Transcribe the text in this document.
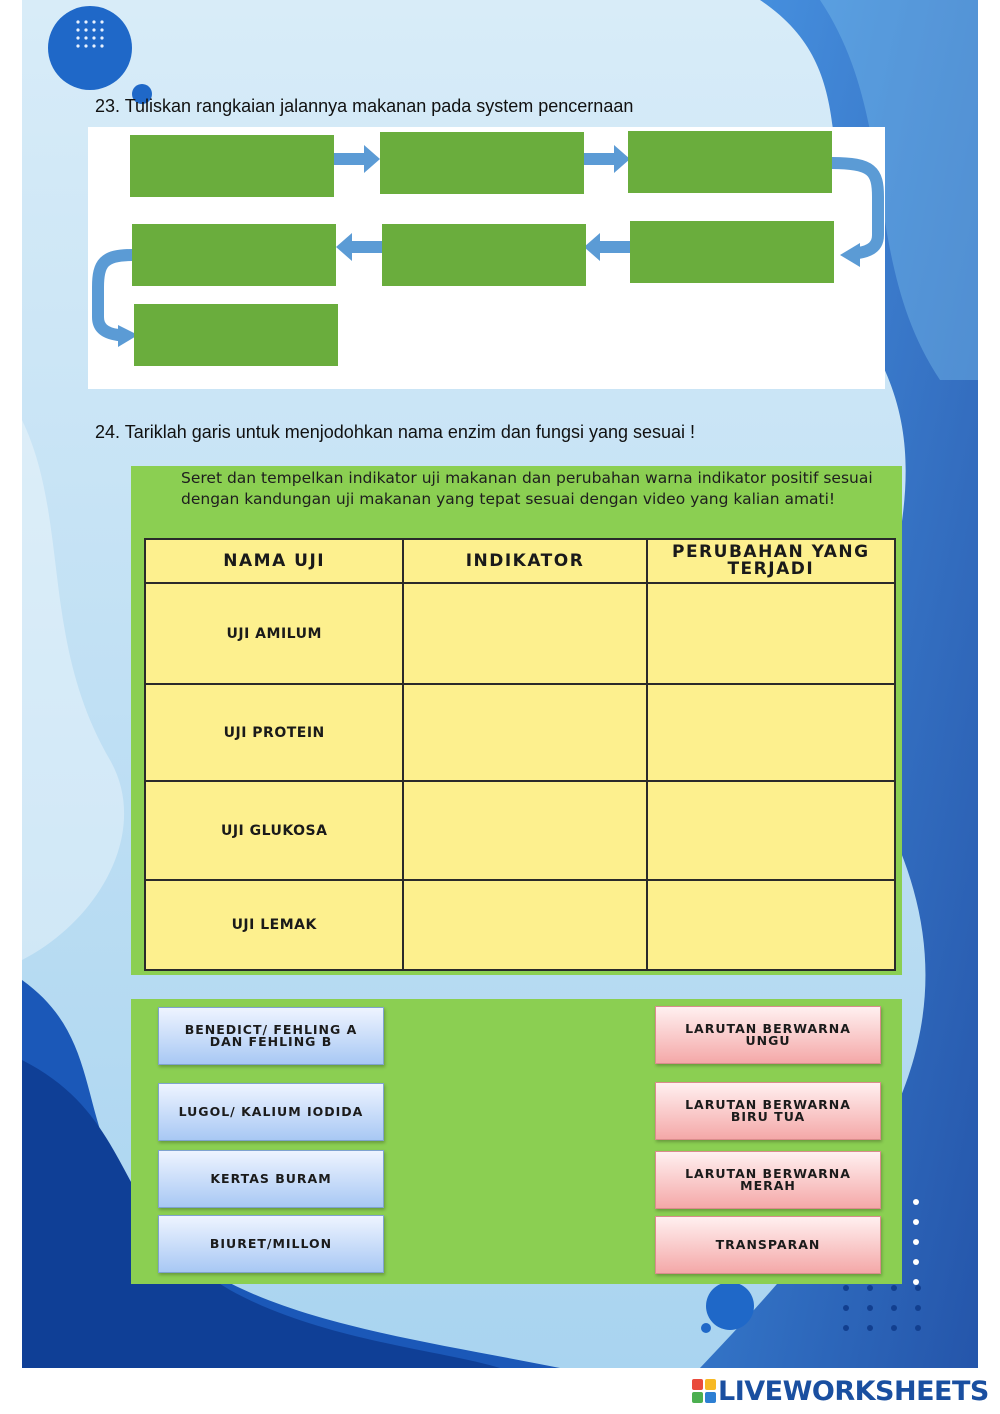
23. Tuliskan rangkaian jalannya makanan pada system pencernaan
24. Tariklah garis untuk menjodohkan nama enzim dan fungsi yang sesuai !
Seret dan tempelkan indikator uji makanan dan perubahan warna indikator positif sesuai dengan kandungan uji makanan yang tepat sesuai dengan video yang kalian amati!
NAMA UJI	INDIKATOR	PERUBAHAN YANG TERJADI
UJI AMILUM		
UJI PROTEIN		
UJI GLUKOSA		
UJI LEMAK		
BENEDICT/ FEHLING A DAN FEHLING B
LUGOL/ KALIUM IODIDA
KERTAS BURAM
BIURET/MILLON
LARUTAN BERWARNA UNGU
LARUTAN BERWARNA BIRU TUA
LARUTAN BERWARNA MERAH
TRANSPARAN
LIVEWORKSHEETS
